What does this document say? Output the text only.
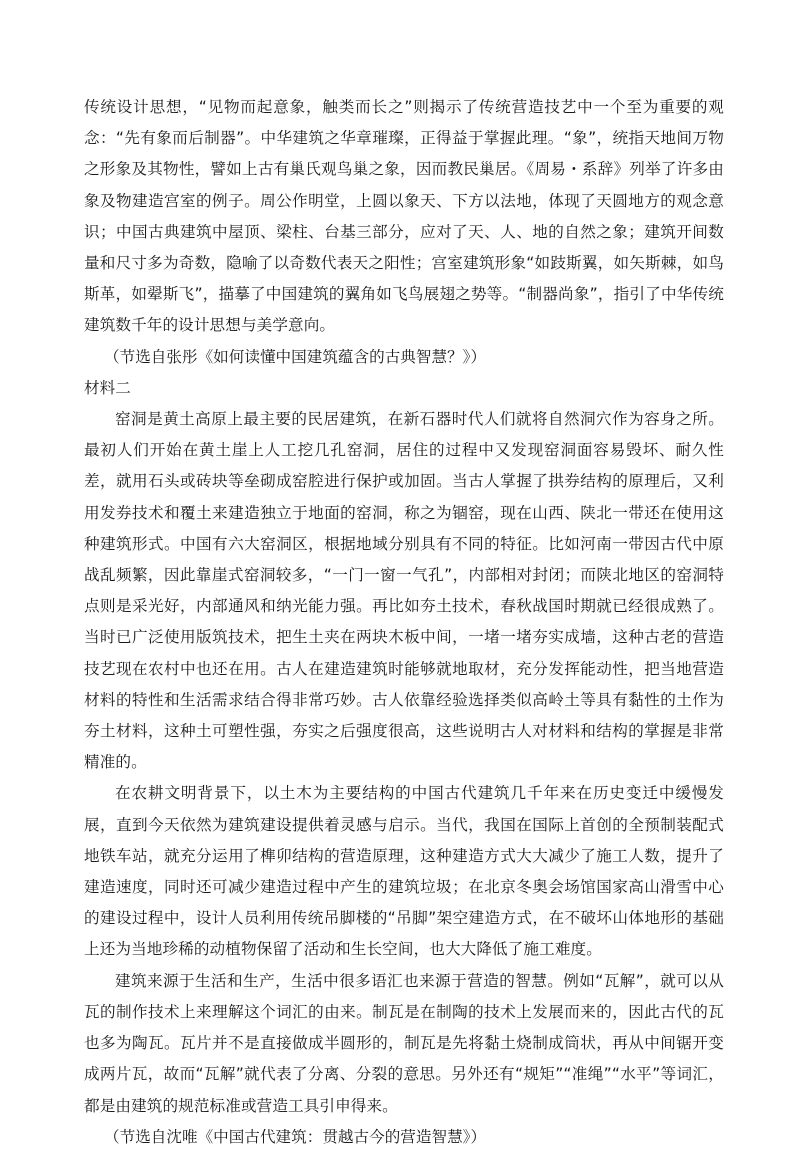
传统设计思想，“见物而起意象，触类而长之”则揭示了传统营造技艺中一个至为重要的观念：“先有象而后制器”。中华建筑之华章璀璨，正得益于掌握此理。“象”，统指天地间万物之形象及其物性，譬如上古有巢氏观鸟巢之象，因而教民巢居。《周易・系辞》列举了许多由象及物建造宫室的例子。周公作明堂，上圆以象天、下方以法地，体现了天圆地方的观念意识；中国古典建筑中屋顶、梁柱、台基三部分，应对了天、人、地的自然之象；建筑开间数量和尺寸多为奇数，隐喻了以奇数代表天之阳性；宫室建筑形象“如跂斯翼，如矢斯棘，如鸟斯革，如翚斯飞”，描摹了中国建筑的翼角如飞鸟展翅之势等。“制器尚象”，指引了中华传统建筑数千年的设计思想与美学意向。

（节选自张彤《如何读懂中国建筑蕴含的古典智慧？》）

材料二

窑洞是黄土高原上最主要的民居建筑，在新石器时代人们就将自然洞穴作为容身之所。最初人们开始在黄土崖上人工挖几孔窑洞，居住的过程中又发现窑洞面容易毁坏、耐久性差，就用石头或砖块等垒砌成窑腔进行保护或加固。当古人掌握了拱券结构的原理后，又利用发券技术和覆土来建造独立于地面的窑洞，称之为锢窑，现在山西、陕北一带还在使用这种建筑形式。中国有六大窑洞区，根据地域分别具有不同的特征。比如河南一带因古代中原战乱频繁，因此靠崖式窑洞较多，“一门一窗一气孔”，内部相对封闭；而陕北地区的窑洞特点则是采光好，内部通风和纳光能力强。再比如夯土技术，春秋战国时期就已经很成熟了。当时已广泛使用版筑技术，把生土夹在两块木板中间，一堵一堵夯实成墙，这种古老的营造技艺现在农村中也还在用。古人在建造建筑时能够就地取材，充分发挥能动性，把当地营造材料的特性和生活需求结合得非常巧妙。古人依靠经验选择类似高岭土等具有黏性的土作为夯土材料，这种土可塑性强，夯实之后强度很高，这些说明古人对材料和结构的掌握是非常精准的。

在农耕文明背景下，以土木为主要结构的中国古代建筑几千年来在历史变迁中缓慢发展，直到今天依然为建筑建设提供着灵感与启示。当代，我国在国际上首创的全预制装配式地铁车站，就充分运用了榫卯结构的营造原理，这种建造方式大大减少了施工人数，提升了建造速度，同时还可减少建造过程中产生的建筑垃圾；在北京冬奥会场馆国家高山滑雪中心的建设过程中，设计人员利用传统吊脚楼的“吊脚”架空建造方式，在不破坏山体地形的基础上还为当地珍稀的动植物保留了活动和生长空间，也大大降低了施工难度。

建筑来源于生活和生产，生活中很多语汇也来源于营造的智慧。例如“瓦解”，就可以从瓦的制作技术上来理解这个词汇的由来。制瓦是在制陶的技术上发展而来的，因此古代的瓦也多为陶瓦。瓦片并不是直接做成半圆形的，制瓦是先将黏土烧制成筒状，再从中间锯开变成两片瓦，故而“瓦解”就代表了分离、分裂的意思。另外还有“规矩”“准绳”“水平”等词汇，都是由建筑的规范标准或营造工具引申得来。

（节选自沈唯《中国古代建筑：贯越古今的营造智慧》）
